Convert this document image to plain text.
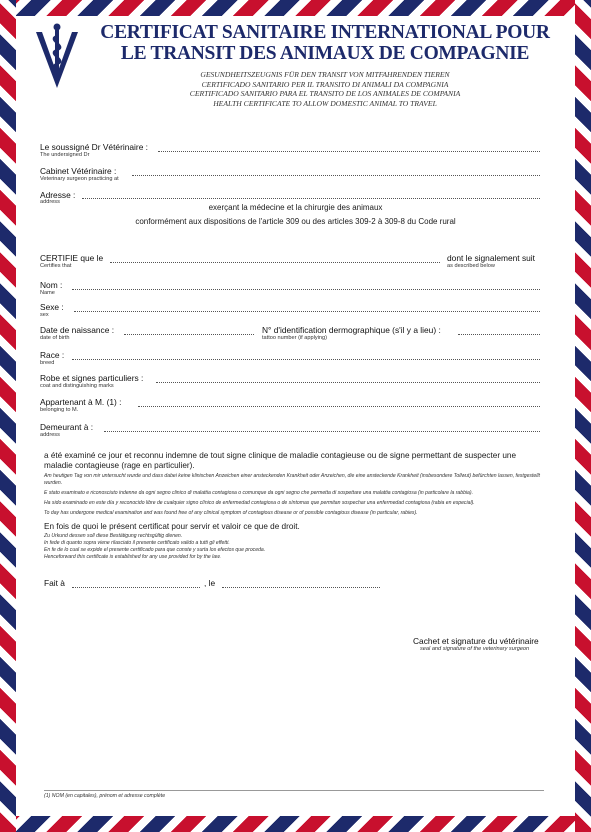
CERTIFICAT SANITAIRE INTERNATIONAL POUR
LE TRANSIT DES ANIMAUX DE COMPAGNIE
GESUNDHEITSZEUGNIS FÜR DEN TRANSIT VON MITFAHRENDEN TIEREN
CERTIFICADO SANITARIO PER IL TRANSITO DI ANIMALI DA COMPAGNIA
CERTIFICADO SANITARIO PARA EL TRANSITO DE LOS ANIMALES DE COMPANIA
HEALTH CERTIFICATE TO ALLOW DOMESTIC ANIMAL TO TRAVEL
Le soussigné Dr Vétérinaire :
The undersigned Dr
Cabinet Vétérinaire :
Veterinary surgeon practicing at
Adresse :
address
exerçant la médecine et la chirurgie des animaux
conformément aux dispositions de l'article 309 ou des articles 309-2 à 309-8 du Code rural
CERTIFIE que le
Certifies that
dont le signalement suit
as described below
Nom :
Name
Sexe :
sex
Date de naissance :
date of birth
N° d'identification dermographique (s'il y a lieu) :
tattoo number (if applying)
Race :
breed
Robe et signes particuliers :
coat and distinguishing marks
Appartenant à M. (1) :
belonging to M.
Demeurant à :
address
a été examiné ce jour et reconnu indemne de tout signe clinique de maladie contagieuse ou de signe permettant de suspecter une maladie contagieuse (rage en particulier).
Am heutigen Tag von mir untersucht wurde und dass dabei keine klinischen Anzeichen einer ansteckenden Krankheit oder Anzeichen, die eine ansteckende Krankheit (insbesondere Tollwut) befürchten lassen, festgestellt wurden.
E stato esaminato e riconosciuto indenne da ogni segno clinico di malattia contagiosa o comunque da ogni segno che permetta di sospettare una malattia contagiosa (in particolare la rabbia).
Ha sido examinado en este día y reconocido libre de cualquier signo clínico de enfermedad contagiosa o de síntomas que permitan sospechar una enfermedad contagiosa (rabia en especial).
To day has undergone medical examination and was found free of any clinical symptom of contagious disease or of possible contagious disease (in particular, rabies).
En fois de quoi le présent certificat pour servir et valoir ce que de droit.
Zu Urkund dessen soll diese Bestätigung rechtsgültig dienen.
In fede di quanto sopra viene rilasciato il presente certificato valido a tutti gli effetti.
En fe de lo cual se expide el presente certificado para que conste y surta los efectos que proceda.
Henceforward this certificate is established for any use provided for by the law.
Fait à	, le
Cachet et signature du vétérinaire
seal and signature of the veterinary surgeon
(1) NOM (en capitales), prénom et adresse complète
